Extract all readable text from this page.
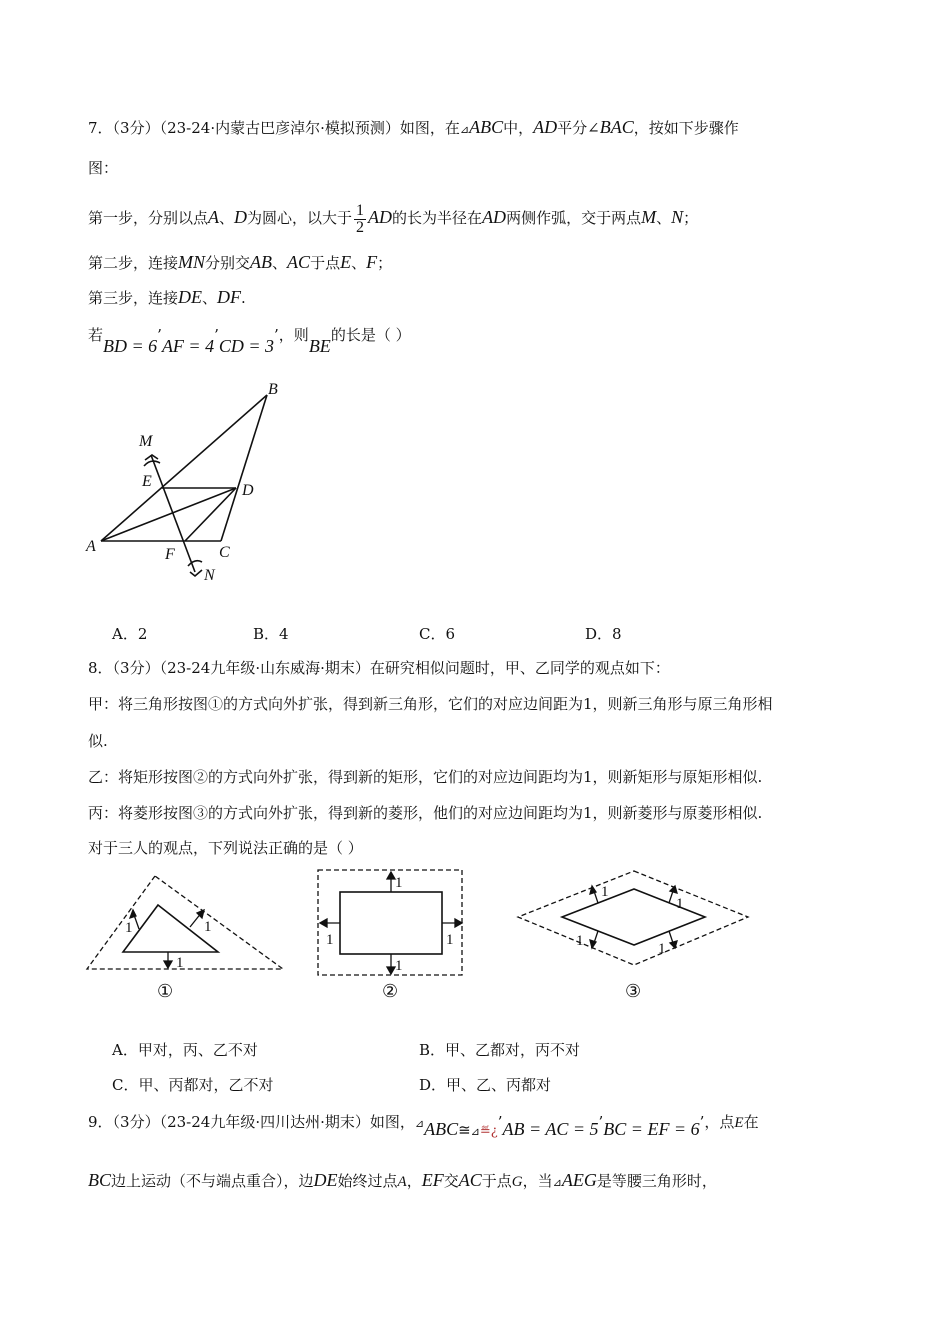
7．（3分）（23-24·内蒙古巴彦淖尔·模拟预测）如图，在⊿ABC中，AD平分∠BAC，按如下步骤作
图：
第一步，分别以点A、D为圆心，以大于 $\frac{1}{2}$ AD的长为半径在AD两侧作弧，交于两点M、N；
第二步，连接MN分别交AB、AC于点E、F；
第三步，连接DE、DF.
若BD = 6’AF = 4’CD = 3’，则BE的长是（ ）
B
M
E
D
A	F	C
N
A．2	B．4	C．6	D．8
8．（3分）（23-24九年级·山东威海·期末）在研究相似问题时，甲、乙同学的观点如下：
甲：将三角形按图①的方式向外扩张，得到新三角形，它们的对应边间距为1，则新三角形与原三角形相
似.
乙：将矩形按图②的方式向外扩张，得到新的矩形，它们的对应边间距均为1，则新矩形与原矩形相似.
丙：将菱形按图③的方式向外扩张，得到新的菱形，他们的对应边间距均为1，则新菱形与原菱形相似.
对于三人的观点，下列说法正确的是（ ）
1	1
1
①
1
1
1	1
②
1
1
1	1
③
A．甲对，丙、乙不对	B．甲、乙都对，丙不对
C．甲、丙都对，乙不对	D．甲、乙、丙都对
9．（3分）（23-24九年级·四川达州·期末）如图，$⊿ABC≅_⊿≝¿’AB$ = AC = 5’BC = EF = 6’，点E在
BC边上运动（不与端点重合），边DE始终过点A，EF交AC于点G，当⊿AEG是等腰三角形时，
